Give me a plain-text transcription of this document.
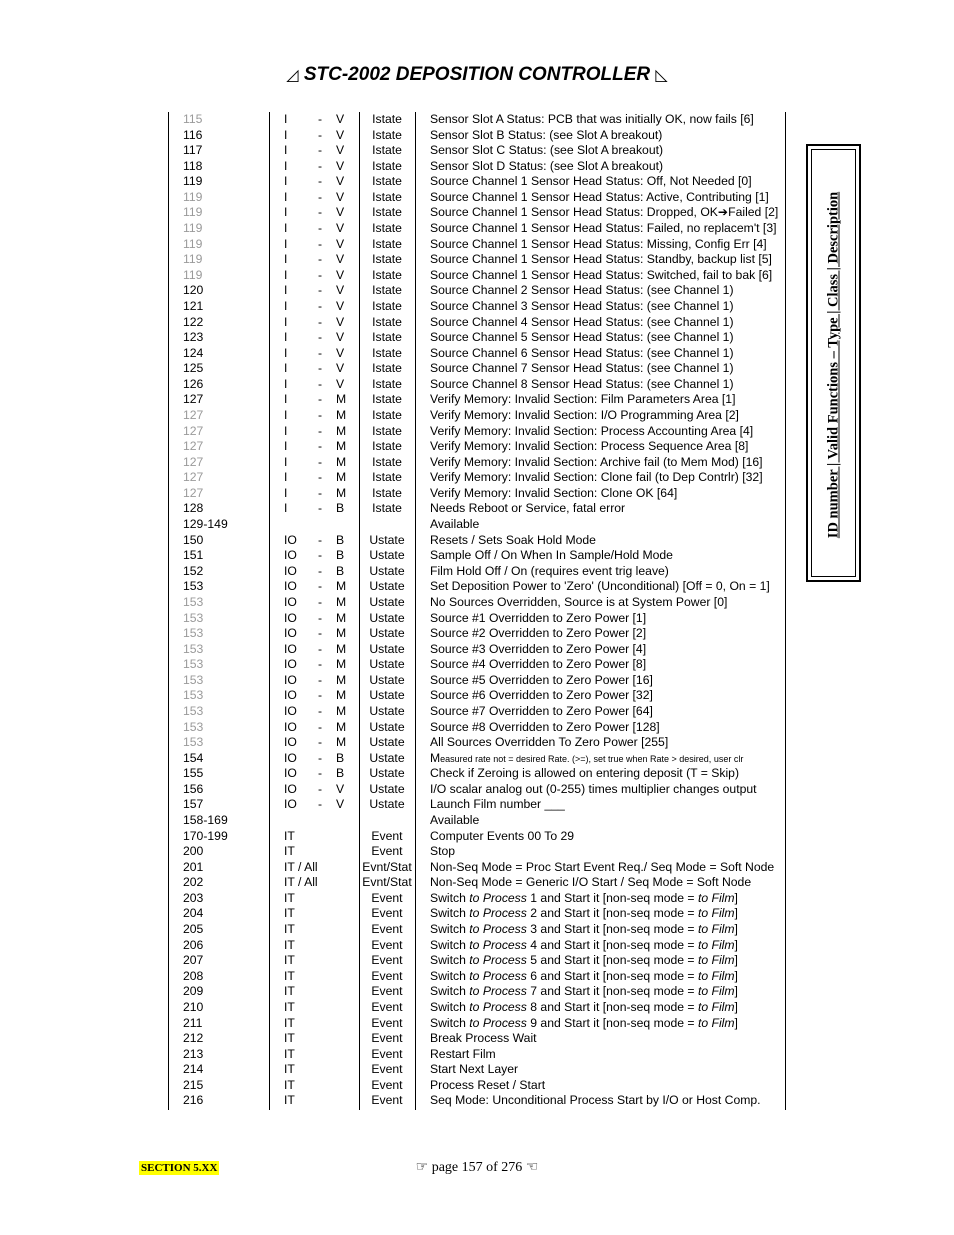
◿ STC-2002 DEPOSITION CONTROLLER ◺
115	I	- V	Istate	Sensor Slot A Status: PCB that was initially OK, now fails [6]
116	I	- V	Istate	Sensor Slot B Status: (see Slot A breakout)
117	I	- V	Istate	Sensor Slot C Status: (see Slot A breakout)
118	I	- V	Istate	Sensor Slot D Status: (see Slot A breakout)
119	I	- V	Istate	Source Channel 1 Sensor Head Status: Off, Not Needed [0]
119	I	- V	Istate	Source Channel 1 Sensor Head Status: Active, Contributing [1]
119	I	- V	Istate	Source Channel 1 Sensor Head Status: Dropped, OK➔Failed [2]
119	I	- V	Istate	Source Channel 1 Sensor Head Status: Failed, no replacem't [3]
119	I	- V	Istate	Source Channel 1 Sensor Head Status: Missing, Config Err [4]
119	I	- V	Istate	Source Channel 1 Sensor Head Status: Standby, backup list [5]
119	I	- V	Istate	Source Channel 1 Sensor Head Status: Switched, fail to bak [6]
120	I	- V	Istate	Source Channel 2 Sensor Head Status: (see Channel 1)
121	I	- V	Istate	Source Channel 3 Sensor Head Status: (see Channel 1)
122	I	- V	Istate	Source Channel 4 Sensor Head Status: (see Channel 1)
123	I	- V	Istate	Source Channel 5 Sensor Head Status: (see Channel 1)
124	I	- V	Istate	Source Channel 6 Sensor Head Status: (see Channel 1)
125	I	- V	Istate	Source Channel 7 Sensor Head Status: (see Channel 1)
126	I	- V	Istate	Source Channel 8 Sensor Head Status: (see Channel 1)
127	I	- M	Istate	Verify Memory: Invalid Section: Film Parameters Area [1]
127	I	- M	Istate	Verify Memory: Invalid Section: I/O Programming Area [2]
127	I	- M	Istate	Verify Memory: Invalid Section: Process Accounting Area [4]
127	I	- M	Istate	Verify Memory: Invalid Section: Process Sequence Area [8]
127	I	- M	Istate	Verify Memory: Invalid Section: Archive fail (to Mem Mod) [16]
127	I	- M	Istate	Verify Memory: Invalid Section: Clone fail (to Dep Contrlr) [32]
127	I	- M	Istate	Verify Memory: Invalid Section: Clone OK [64]
128	I	- B	Istate	Needs Reboot or Service, fatal error
129-149	Available
150	IO - B	Ustate	Resets / Sets Soak Hold Mode
151	IO - B	Ustate	Sample Off / On When In Sample/Hold Mode
152	IO - B	Ustate	Film Hold Off / On (requires event trig leave)
153	IO - M	Ustate	Set Deposition Power to 'Zero' (Unconditional) [Off = 0, On = 1]
153	IO - M	Ustate	No Sources Overridden, Source is at System Power [0]
153	IO - M	Ustate	Source #1 Overridden to Zero Power [1]
153	IO - M	Ustate	Source #2 Overridden to Zero Power [2]
153	IO - M	Ustate	Source #3 Overridden to Zero Power [4]
153	IO - M	Ustate	Source #4 Overridden to Zero Power [8]
153	IO - M	Ustate	Source #5 Overridden to Zero Power [16]
153	IO - M	Ustate	Source #6 Overridden to Zero Power [32]
153	IO - M	Ustate	Source #7 Overridden to Zero Power [64]
153	IO - M	Ustate	Source #8 Overridden to Zero Power [128]
153	IO - M	Ustate	All Sources Overridden To Zero Power [255]
154	IO - B	Ustate	Measured rate not = desired Rate. (>=), set true when Rate > desired, user clr
155	IO - B	Ustate	Check if Zeroing is allowed on entering deposit (T = Skip)
156	IO - V	Ustate	I/O scalar analog out (0-255) times multiplier changes output
157	IO - V	Ustate	Launch Film number ___
158-169	Available
170-199	IT	Event	Computer Events 00 To 29
200	IT	Event	Stop
201	IT / All	Evnt/Stat Non-Seq Mode = Proc Start Event Req./ Seq Mode = Soft Node
202	IT / All	Evnt/Stat Non-Seq Mode = Generic I/O Start / Seq Mode = Soft Node
203	IT	Event	Switch to Process 1 and Start it [non-seq mode = to Film]
204	IT	Event	Switch to Process 2 and Start it [non-seq mode = to Film]
205	IT	Event	Switch to Process 3 and Start it [non-seq mode = to Film]
206	IT	Event	Switch to Process 4 and Start it [non-seq mode = to Film]
207	IT	Event	Switch to Process 5 and Start it [non-seq mode = to Film]
208	IT	Event	Switch to Process 6 and Start it [non-seq mode = to Film]
209	IT	Event	Switch to Process 7 and Start it [non-seq mode = to Film]
210	IT	Event	Switch to Process 8 and Start it [non-seq mode = to Film]
211	IT	Event	Switch to Process 9 and Start it [non-seq mode = to Film]
212	IT	Event	Break Process Wait
213	IT	Event	Restart Film
214	IT	Event	Start Next Layer
215	IT	Event	Process Reset / Start
216	IT	Event	Seq Mode: Unconditional Process Start by I/O or Host Comp.
ID number | Valid Functions – Type | Class | Description
SECTION 5.XX	☞ page 157 of 276 ☜
